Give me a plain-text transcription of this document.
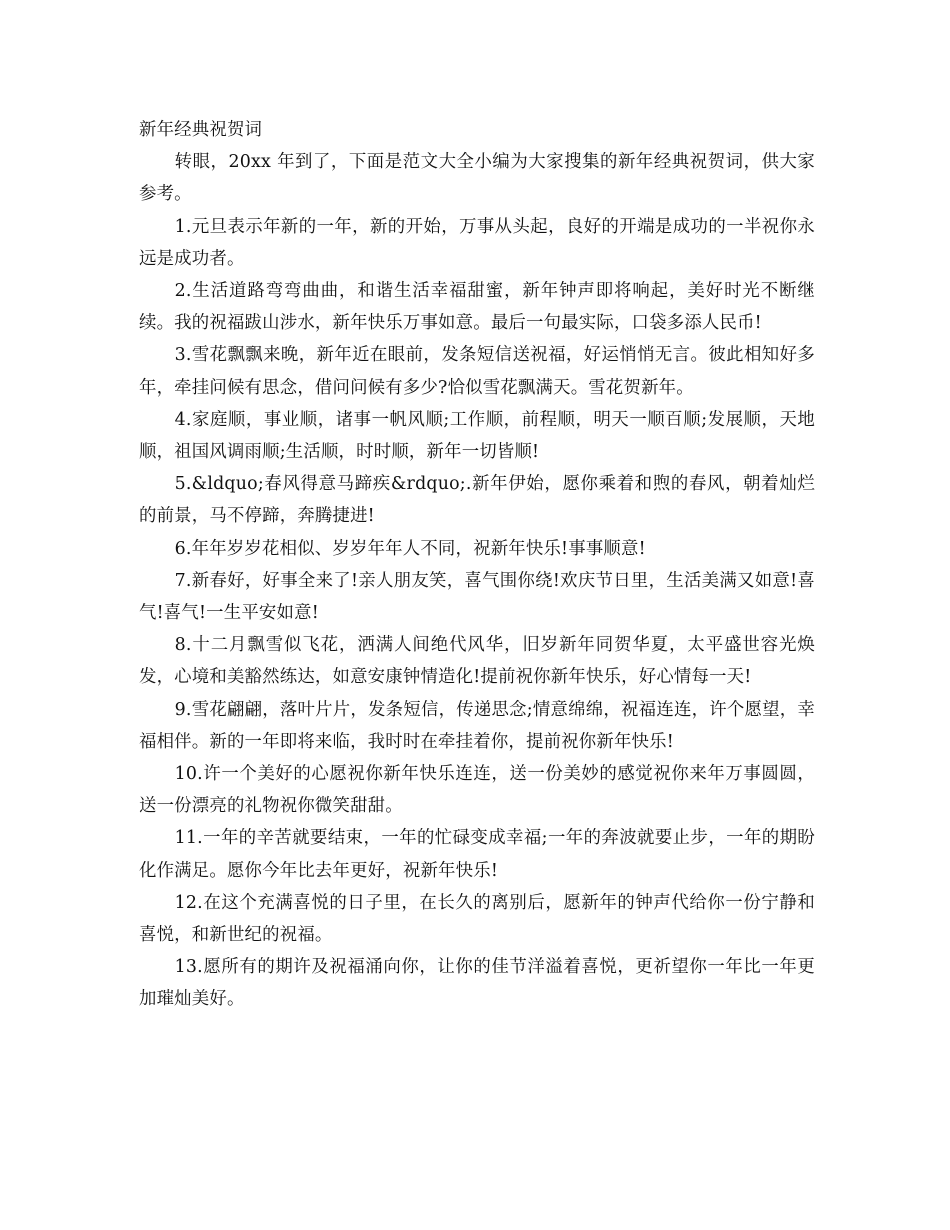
新年经典祝贺词

转眼，20xx 年到了，下面是范文大全小编为大家搜集的新年经典祝贺词，供大家参考。

1.元旦表示年新的一年，新的开始，万事从头起，良好的开端是成功的一半祝你永远是成功者。

2.生活道路弯弯曲曲，和谐生活幸福甜蜜，新年钟声即将响起，美好时光不断继续。我的祝福跋山涉水，新年快乐万事如意。最后一句最实际，口袋多添人民币!

3.雪花飘飘来晚，新年近在眼前，发条短信送祝福，好运悄悄无言。彼此相知好多年，牵挂问候有思念，借问问候有多少?恰似雪花飘满天。雪花贺新年。

4.家庭顺，事业顺，诸事一帆风顺;工作顺，前程顺，明天一顺百顺;发展顺，天地顺，祖国风调雨顺;生活顺，时时顺，新年一切皆顺!

5.&ldquo;春风得意马蹄疾&rdquo;.新年伊始，愿你乘着和煦的春风，朝着灿烂的前景，马不停蹄，奔腾捷进!

6.年年岁岁花相似、岁岁年年人不同，祝新年快乐!事事顺意!

7.新春好，好事全来了!亲人朋友笑，喜气围你绕!欢庆节日里，生活美满又如意!喜气!喜气!一生平安如意!

8.十二月飘雪似飞花，洒满人间绝代风华，旧岁新年同贺华夏，太平盛世容光焕发，心境和美豁然练达，如意安康钟情造化!提前祝你新年快乐，好心情每一天!

9.雪花翩翩，落叶片片，发条短信，传递思念;情意绵绵，祝福连连，许个愿望，幸福相伴。新的一年即将来临，我时时在牵挂着你，提前祝你新年快乐!

10.许一个美好的心愿祝你新年快乐连连，送一份美妙的感觉祝你来年万事圆圆，送一份漂亮的礼物祝你微笑甜甜。

11.一年的辛苦就要结束，一年的忙碌变成幸福;一年的奔波就要止步，一年的期盼化作满足。愿你今年比去年更好，祝新年快乐!

12.在这个充满喜悦的日子里，在长久的离别后，愿新年的钟声代给你一份宁静和喜悦，和新世纪的祝福。

13.愿所有的期许及祝福涌向你，让你的佳节洋溢着喜悦，更祈望你一年比一年更加璀灿美好。
